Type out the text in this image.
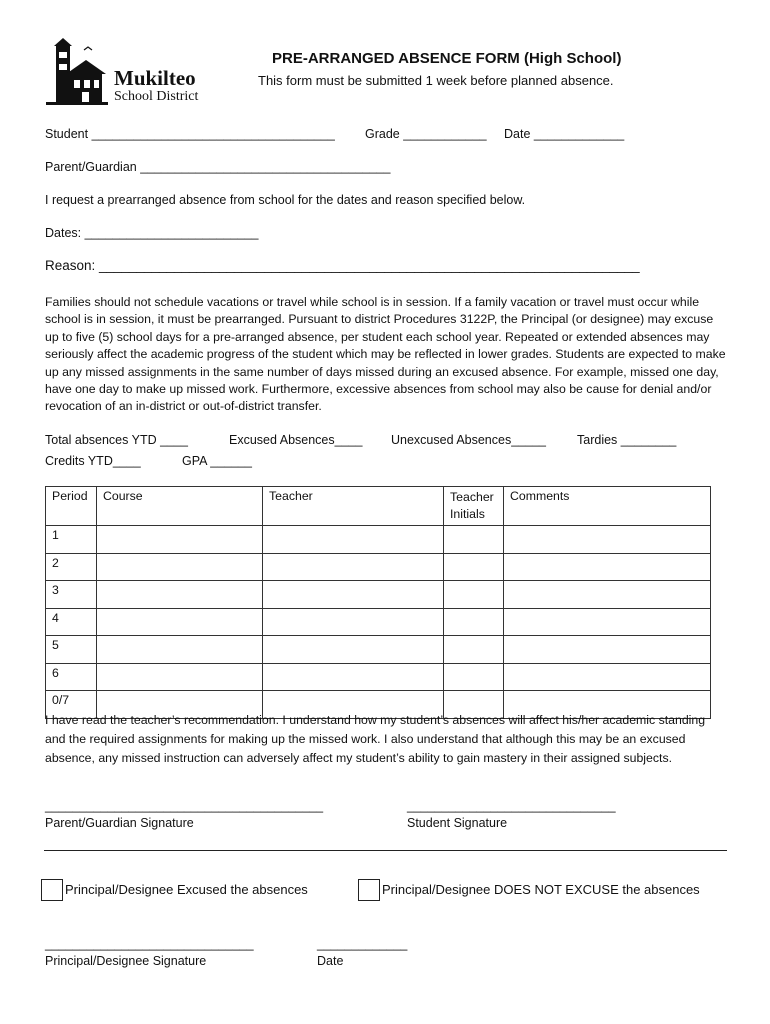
Mukilteo
School District
PRE-ARRANGED ABSENCE FORM (High School)
This form must be submitted 1 week before planned absence.
Student ___________________________________ Grade ____________ Date _____________
Parent/Guardian ____________________________________
I request a prearranged absence from school for the dates and reason specified below.
Dates: _________________________
Reason: ________________________________________________________________________
Families should not schedule vacations or travel while school is in session. If a family vacation or travel must occur while school is in session, it must be prearranged. Pursuant to district Procedures 3122P, the Principal (or designee) may excuse up to five (5) school days for a pre-arranged absence, per student each school year. Repeated or extended absences may seriously affect the academic progress of the student which may be reflected in lower grades. Students are expected to make up any missed assignments in the same number of days missed during an excused absence. For example, missed one day, have one day to make up missed work. Furthermore, excessive absences from school may also be cause for denial and/or revocation of an in-district or out-of-district transfer.
Total absences YTD ____	Excused Absences____ Unexcused Absences_____ Tardies ________
Credits YTD____	GPA ______
Period	Course	Teacher	Teacher Initials	Comments
1				
2				
3				
4				
5				
6				
0/7				
I have read the teacher’s recommendation. I understand how my student’s absences will affect his/her academic standing and the required assignments for making up the missed work. I also understand that although this may be an excused absence, any missed instruction can adversely affect my student’s ability to gain mastery in their assigned subjects.
________________________________________
Parent/Guardian Signature
______________________________
Student Signature
Principal/Designee Excused the absences	Principal/Designee DOES NOT EXCUSE the absences
______________________________
Principal/Designee Signature
_____________
Date
